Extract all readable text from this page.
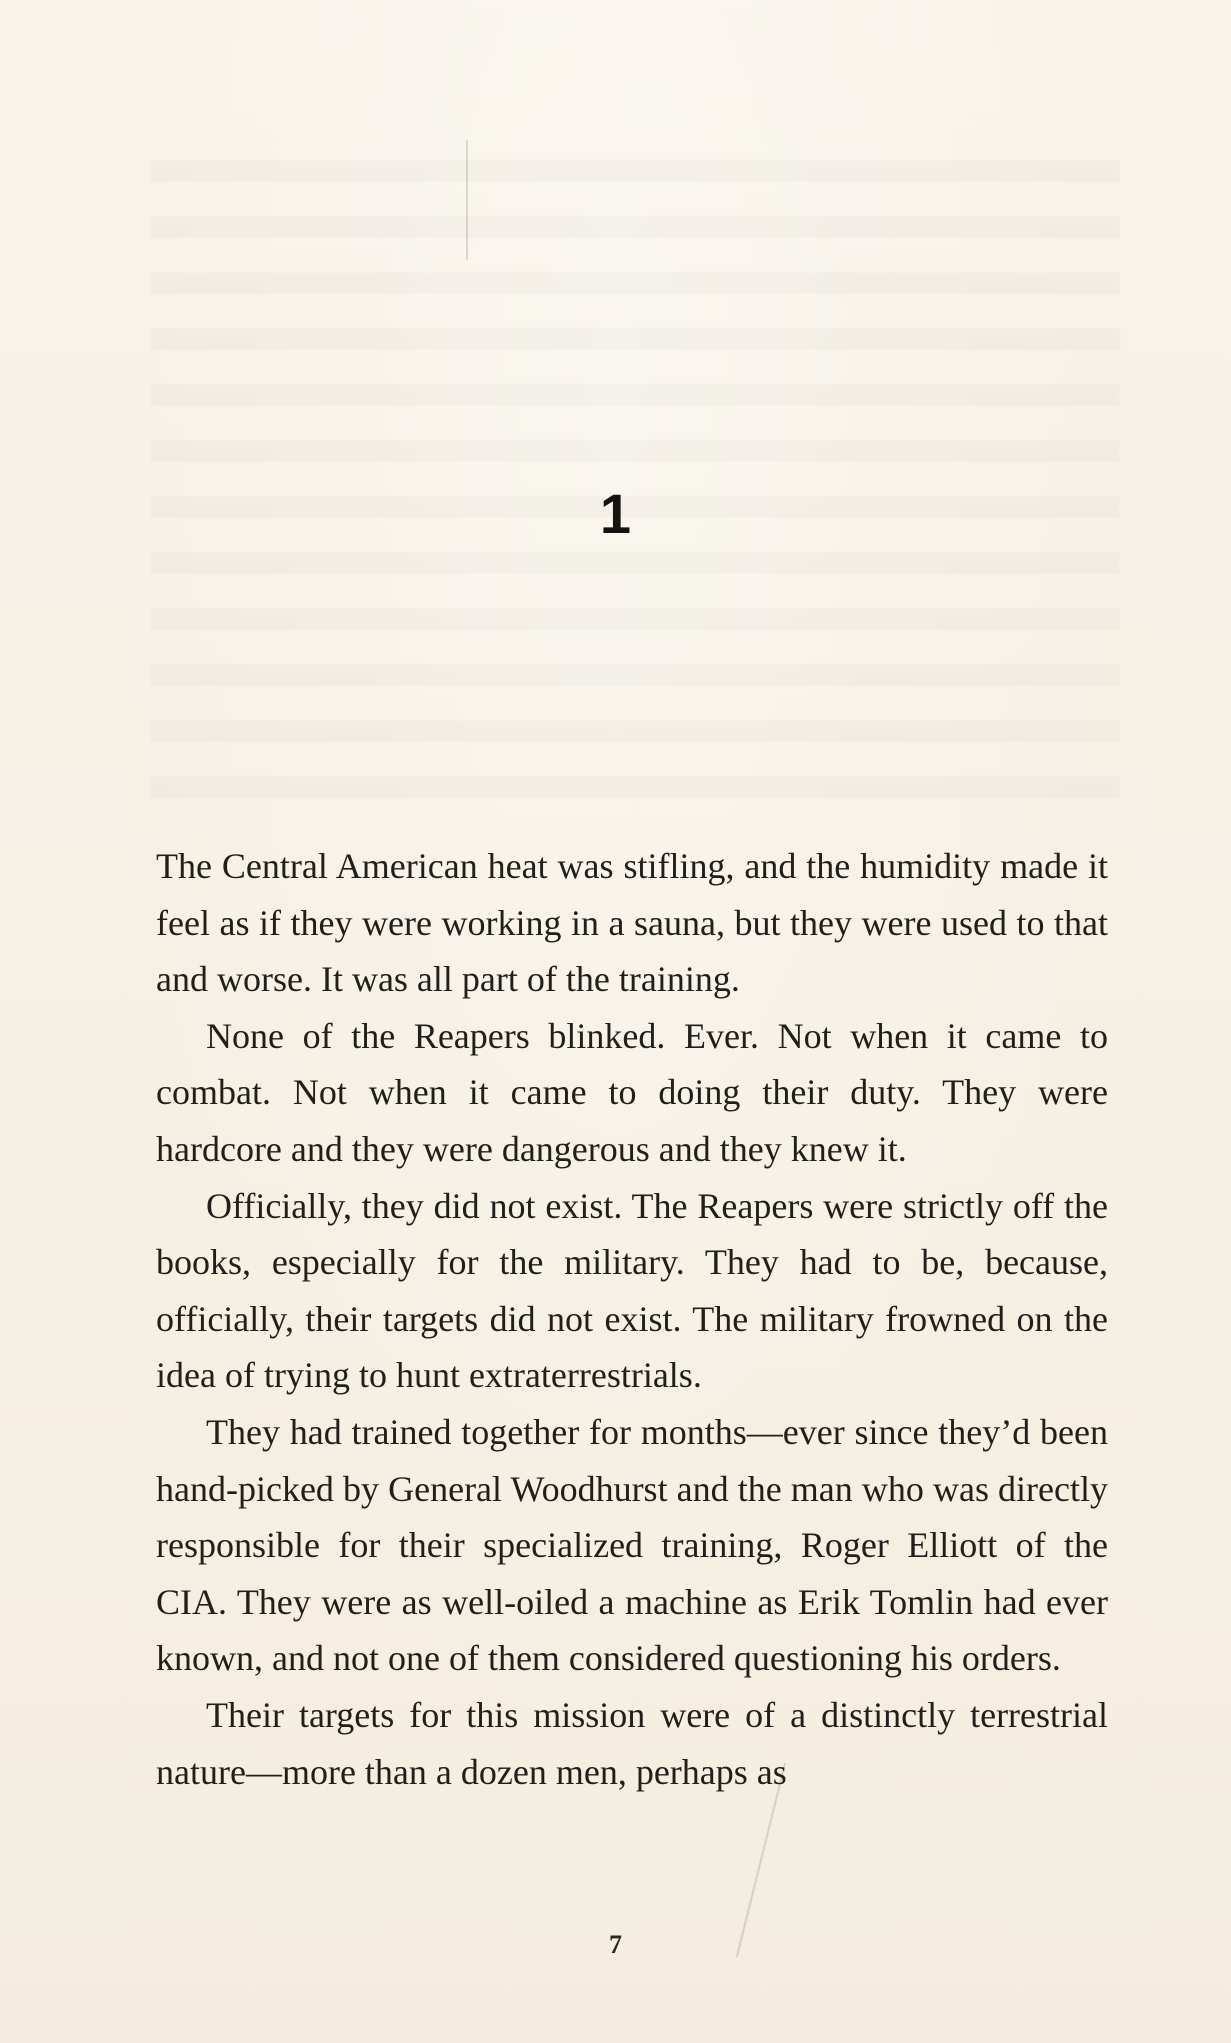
1

The Central American heat was stifling, and the humidity made it feel as if they were working in a sauna, but they were used to that and worse. It was all part of the training.

None of the Reapers blinked. Ever. Not when it came to combat. Not when it came to doing their duty. They were hardcore and they were dangerous and they knew it.

Officially, they did not exist. The Reapers were strictly off the books, especially for the military. They had to be, because, officially, their targets did not exist. The military frowned on the idea of trying to hunt extraterrestrials.

They had trained together for months—ever since they’d been hand-picked by General Woodhurst and the man who was directly responsible for their specialized training, Roger Elliott of the CIA. They were as well-oiled a machine as Erik Tomlin had ever known, and not one of them considered questioning his orders.

Their targets for this mission were of a distinctly terrestrial nature—more than a dozen men, perhaps as

7
